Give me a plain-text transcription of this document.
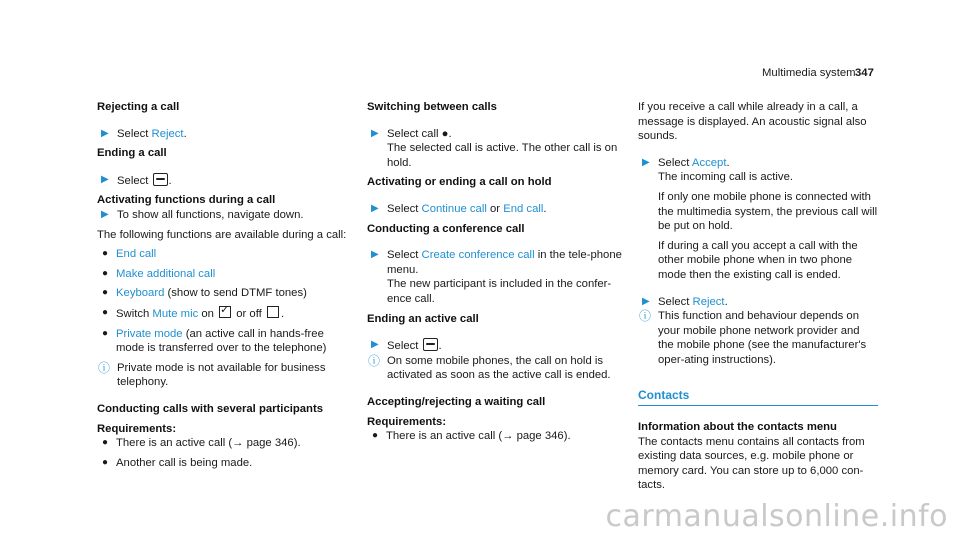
Multimedia system 347
Rejecting a call
▶ Select Reject.
Ending a call
▶ Select .
Activating functions during a call
▶ To show all functions, navigate down.
The following functions are available during a call:
● End call
● Make additional call
● Keyboard (show to send DTMF tones)
● Switch Mute mic on ✓ or off .
● Private mode (an active call in hands-free mode is transferred over to the telephone)
ⓘ Private mode is not available for business telephony.
Conducting calls with several participants
Requirements:
● There is an active call (→ page 346).
● Another call is being made.
Switching between calls
▶ Select call ●.
The selected call is active. The other call is on hold.
Activating or ending a call on hold
▶ Select Continue call or End call.
Conducting a conference call
▶ Select Create conference call in the tele-phone menu.
The new participant is included in the confer-ence call.
Ending an active call
▶ Select .
ⓘ On some mobile phones, the call on hold is activated as soon as the active call is ended.
Accepting/rejecting a waiting call
Requirements:
● There is an active call (→ page 346).
If you receive a call while already in a call, a message is displayed. An acoustic signal also sounds.
▶ Select Accept.
The incoming call is active.
If only one mobile phone is connected with the multimedia system, the previous call will be put on hold.
If during a call you accept a call with the other mobile phone when in two phone mode then the existing call is ended.
▶ Select Reject.
ⓘ This function and behaviour depends on your mobile phone network provider and the mobile phone (see the manufacturer's oper-ating instructions).
Contacts
Information about the contacts menu
The contacts menu contains all contacts from existing data sources, e.g. mobile phone or memory card. You can store up to 6,000 con-tacts.
carmanualsonline.info
